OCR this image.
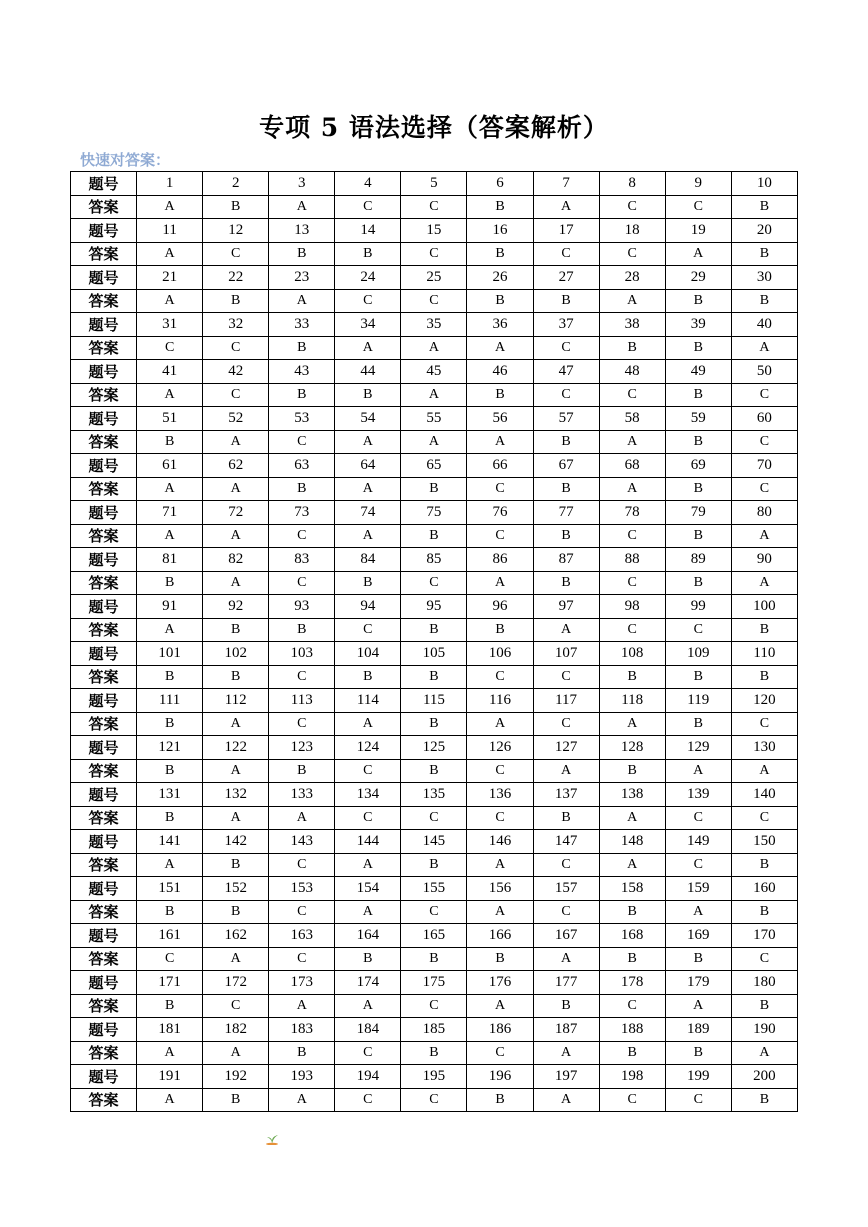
专项 5 语法选择（答案解析）
快速对答案：
题号	1	2	3	4	5	6	7	8	9	10
答案	A	B	A	C	C	B	A	C	C	B
题号	11	12	13	14	15	16	17	18	19	20
答案	A	C	B	B	C	B	C	C	A	B
题号	21	22	23	24	25	26	27	28	29	30
答案	A	B	A	C	C	B	B	A	B	B
题号	31	32	33	34	35	36	37	38	39	40
答案	C	C	B	A	A	A	C	B	B	A
题号	41	42	43	44	45	46	47	48	49	50
答案	A	C	B	B	A	B	C	C	B	C
题号	51	52	53	54	55	56	57	58	59	60
答案	B	A	C	A	A	A	B	A	B	C
题号	61	62	63	64	65	66	67	68	69	70
答案	A	A	B	A	B	C	B	A	B	C
题号	71	72	73	74	75	76	77	78	79	80
答案	A	A	C	A	B	C	B	C	B	A
题号	81	82	83	84	85	86	87	88	89	90
答案	B	A	C	B	C	A	B	C	B	A
题号	91	92	93	94	95	96	97	98	99	100
答案	A	B	B	C	B	B	A	C	C	B
题号	101	102	103	104	105	106	107	108	109	110
答案	B	B	C	B	B	C	C	B	B	B
题号	111	112	113	114	115	116	117	118	119	120
答案	B	A	C	A	B	A	C	A	B	C
题号	121	122	123	124	125	126	127	128	129	130
答案	B	A	B	C	B	C	A	B	A	A
题号	131	132	133	134	135	136	137	138	139	140
答案	B	A	A	C	C	C	B	A	C	C
题号	141	142	143	144	145	146	147	148	149	150
答案	A	B	C	A	B	A	C	A	C	B
题号	151	152	153	154	155	156	157	158	159	160
答案	B	B	C	A	C	A	C	B	A	B
题号	161	162	163	164	165	166	167	168	169	170
答案	C	A	C	B	B	B	A	B	B	C
题号	171	172	173	174	175	176	177	178	179	180
答案	B	C	A	A	C	A	B	C	A	B
题号	181	182	183	184	185	186	187	188	189	190
答案	A	A	B	C	B	C	A	B	B	A
题号	191	192	193	194	195	196	197	198	199	200
答案	A	B	A	C	C	B	A	C	C	B
